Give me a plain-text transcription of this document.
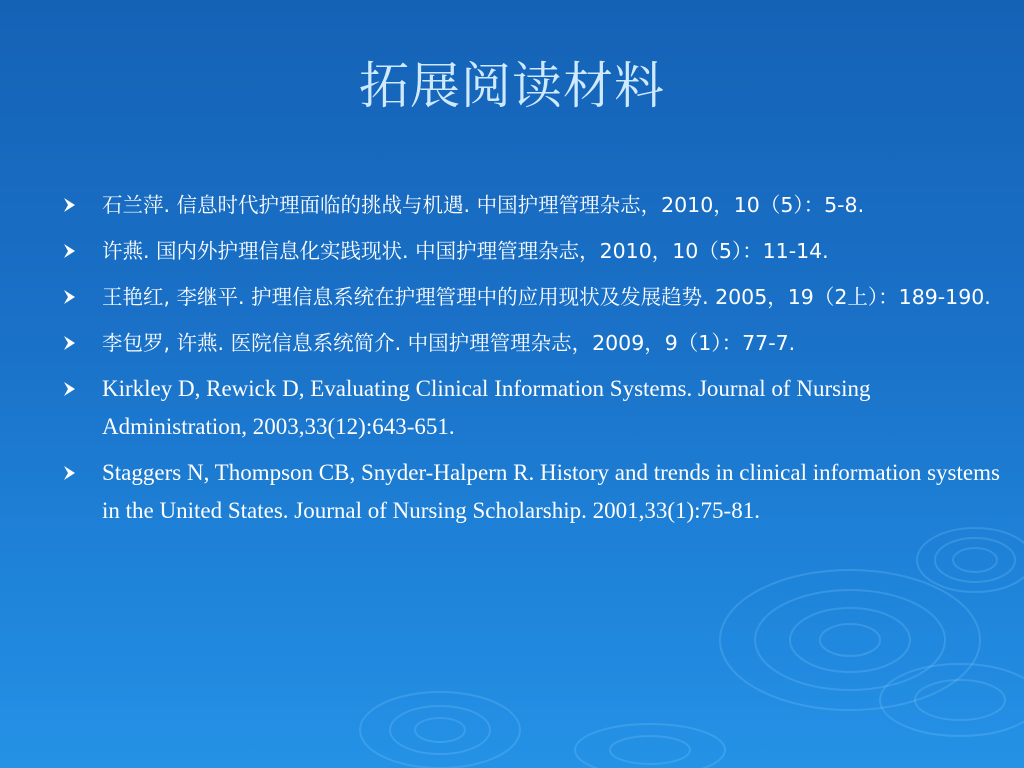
拓展阅读材料
石兰萍. 信息时代护理面临的挑战与机遇. 中国护理管理杂志，2010，10（5）：5-8.
许燕. 国内外护理信息化实践现状. 中国护理管理杂志，2010，10（5）：11-14.
王艳红, 李继平. 护理信息系统在护理管理中的应用现状及发展趋势. 2005，19（2上）：189-190.
李包罗, 许燕. 医院信息系统简介. 中国护理管理杂志，2009，9（1）：77-7.
Kirkley D, Rewick D, Evaluating Clinical Information Systems. Journal of Nursing Administration, 2003,33(12):643-651.
Staggers N, Thompson CB, Snyder-Halpern R. History and trends in clinical information systems in the United States. Journal of Nursing Scholarship. 2001,33(1):75-81.
